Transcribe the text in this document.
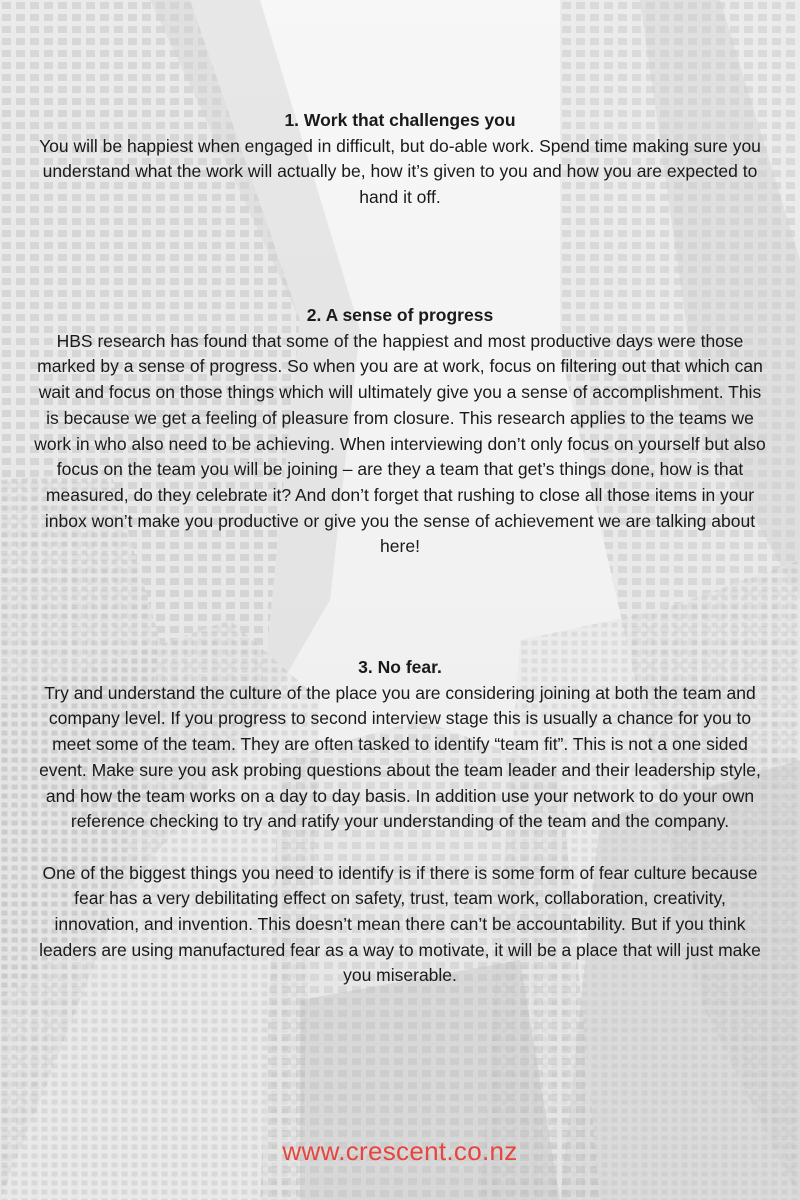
1. Work that challenges you

You will be happiest when engaged in difficult, but do-able work. Spend time making sure you understand what the work will actually be, how it’s given to you and how you are expected to hand it off.

2. A sense of progress

HBS research has found that some of the happiest and most productive days were those marked by a sense of progress. So when you are at work, focus on filtering out that which can wait and focus on those things which will ultimately give you a sense of accomplishment. This is because we get a feeling of pleasure from closure. This research applies to the teams we work in who also need to be achieving. When interviewing don’t only focus on yourself but also focus on the team you will be joining – are they a team that get’s things done, how is that measured, do they celebrate it? And don’t forget that rushing to close all those items in your inbox won’t make you productive or give you the sense of achievement we are talking about here!

3. No fear.

Try and understand the culture of the place you are considering joining at both the team and company level. If you progress to second interview stage this is usually a chance for you to meet some of the team. They are often tasked to identify “team fit”. This is not a one sided event. Make sure you ask probing questions about the team leader and their leadership style, and how the team works on a day to day basis. In addition use your network to do your own reference checking to try and ratify your understanding of the team and the company.

One of the biggest things you need to identify is if there is some form of fear culture because fear has a very debilitating effect on safety, trust, team work, collaboration, creativity, innovation, and invention. This doesn’t mean there can’t be accountability. But if you think leaders are using manufactured fear as a way to motivate, it will be a place that will just make you miserable.

www.crescent.co.nz
